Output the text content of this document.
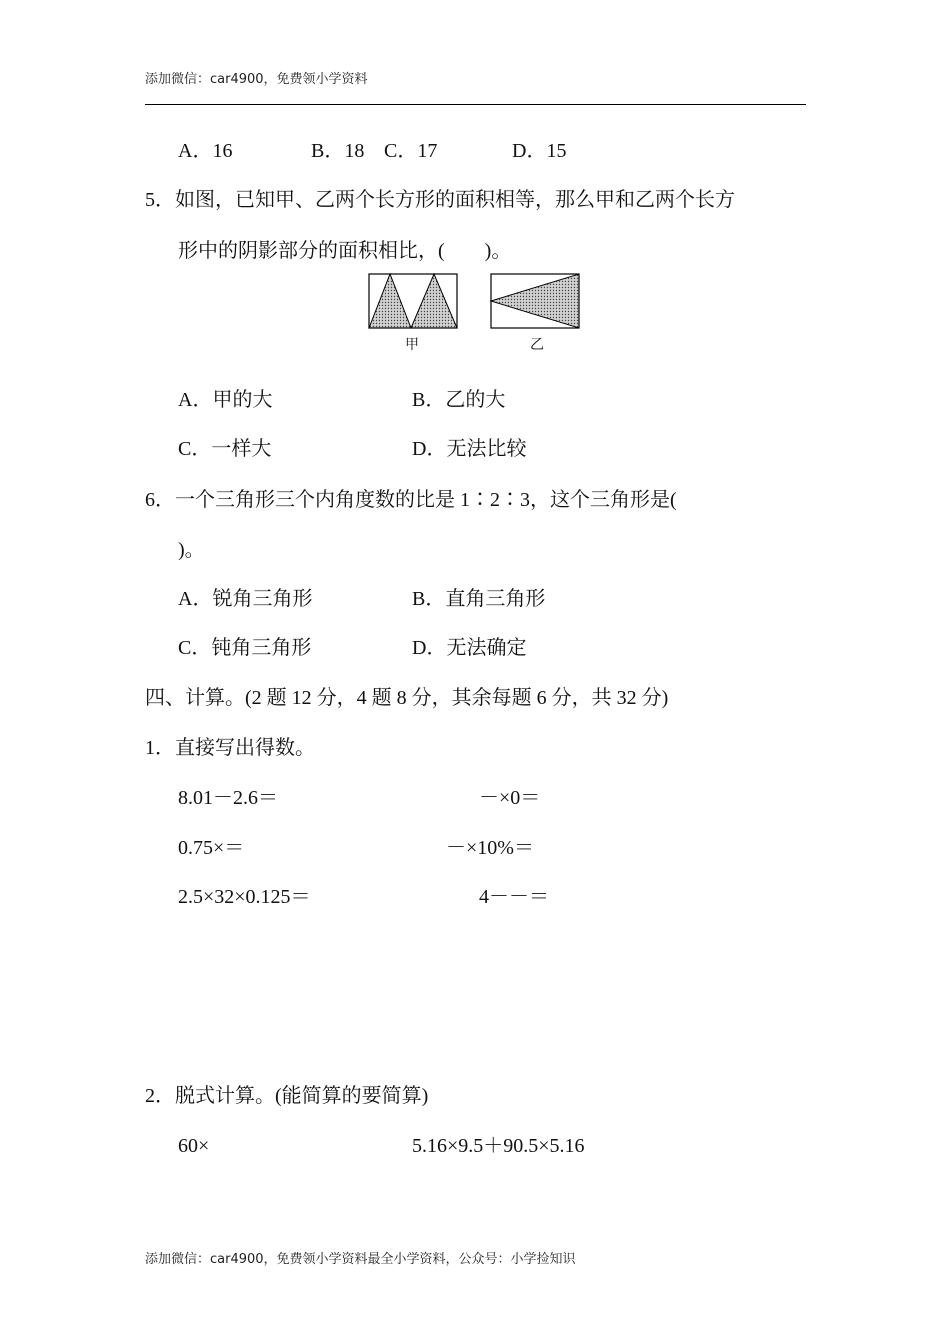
添加微信：car4900，免费领小学资料
A．16	B．18 C．17	D．15
5．如图，已知甲、乙两个长方形的面积相等，那么甲和乙两个长方
形中的阴影部分的面积相比，(　　)。
甲	乙
A．甲的大	B．乙的大
C．一样大	D．无法比较
6．一个三角形三个内角度数的比是 1∶2∶3，这个三角形是(
)。
A．锐角三角形	B．直角三角形
C．钝角三角形	D．无法确定
四、计算。(2 题 12 分，4 题 8 分，其余每题 6 分，共 32 分)
1．直接写出得数。
8.01－2.6＝	－×0＝
0.75×＝	－×10%＝
2.5×32×0.125＝	4－－＝
2．脱式计算。(能简算的要简算)
60×	5.16×9.5＋90.5×5.16
添加微信：car4900，免费领小学资料最全小学资料，公众号：小学捡知识
